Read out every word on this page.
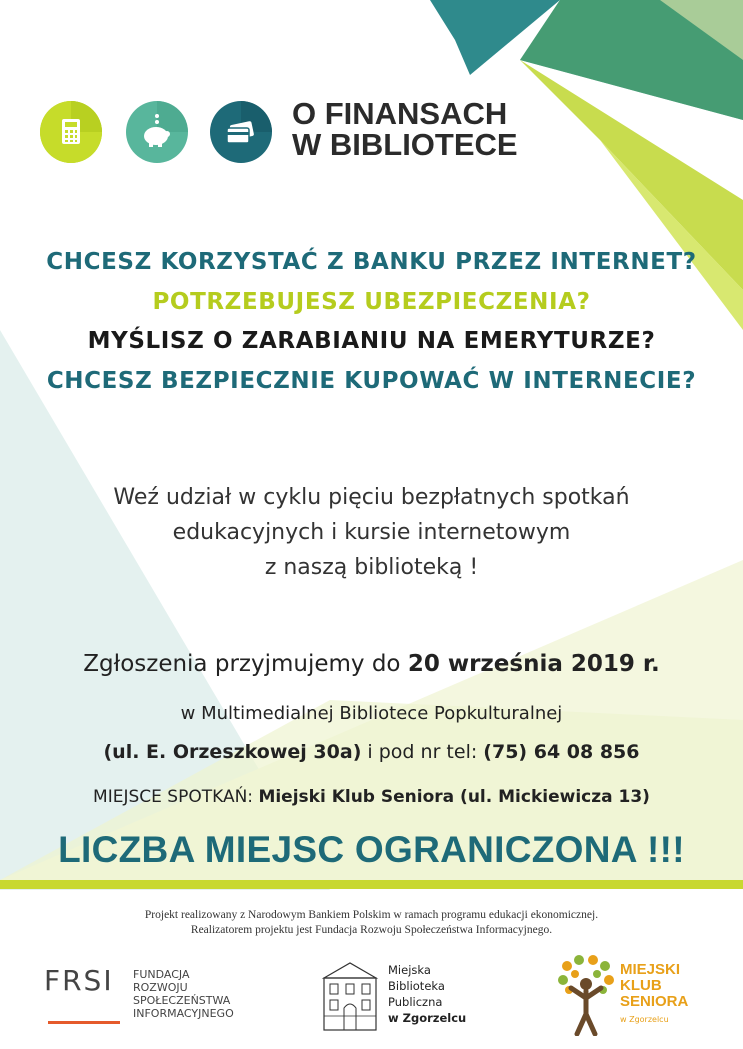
O FINANSACH
W BIBLIOTECE
CHCESZ KORZYSTAĆ Z BANKU PRZEZ INTERNET?
POTRZEBUJESZ UBEZPIECZENIA?
MYŚLISZ O ZARABIANIU NA EMERYTURZE?
CHCESZ BEZPIECZNIE KUPOWAĆ W INTERNECIE?
Weź udział w cyklu pięciu bezpłatnych spotkań
edukacyjnych i kursie internetowym
z naszą biblioteką !
Zgłoszenia przyjmujemy do 20 września 2019 r.
w Multimedialnej Bibliotece Popkulturalnej
(ul. E. Orzeszkowej 30a) i pod nr tel: (75) 64 08 856
MIEJSCE SPOTKAŃ: Miejski Klub Seniora (ul. Mickiewicza 13)
LICZBA MIEJSC OGRANICZONA !!!
Projekt realizowany z Narodowym Bankiem Polskim w ramach programu edukacji ekonomicznej.
Realizatorem projektu jest Fundacja Rozwoju Społeczeństwa Informacyjnego.
FRSI FUNDACJA
ROZWOJU
SPOŁECZEŃSTWA
INFORMACYJNEGO
Miejska
Biblioteka
Publiczna
w Zgorzelcu
MIEJSKI
KLUB
SENIORA
w Zgorzelcu
